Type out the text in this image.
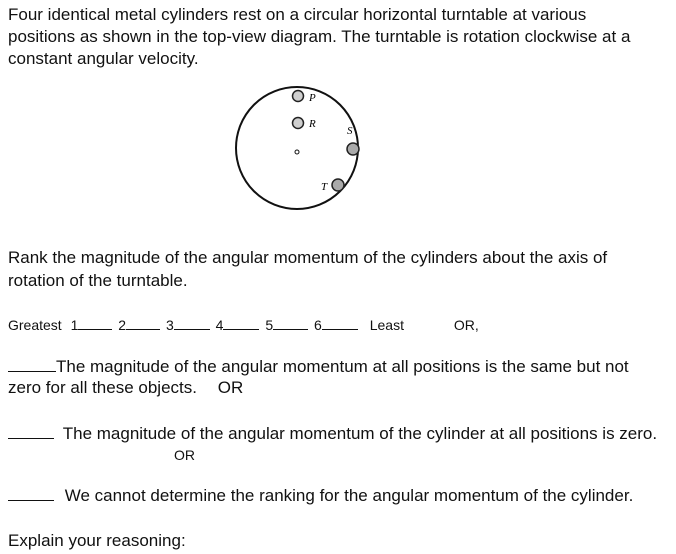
Four identical metal cylinders rest on a circular horizontal turntable at various
positions as shown in the top-view diagram. The turntable is rotation clockwise at a
constant angular velocity.
P
R
S
T
Rank the magnitude of the angular momentum of the cylinders about the axis of
rotation of the turntable.
Greatest 1	2	3	4	5	6	Least	OR,
The magnitude of the angular momentum at all positions is the same but not
zero for all these objects. OR
The magnitude of the angular momentum of the cylinder at all positions is zero.
OR
We cannot determine the ranking for the angular momentum of the cylinder.
Explain your reasoning:
